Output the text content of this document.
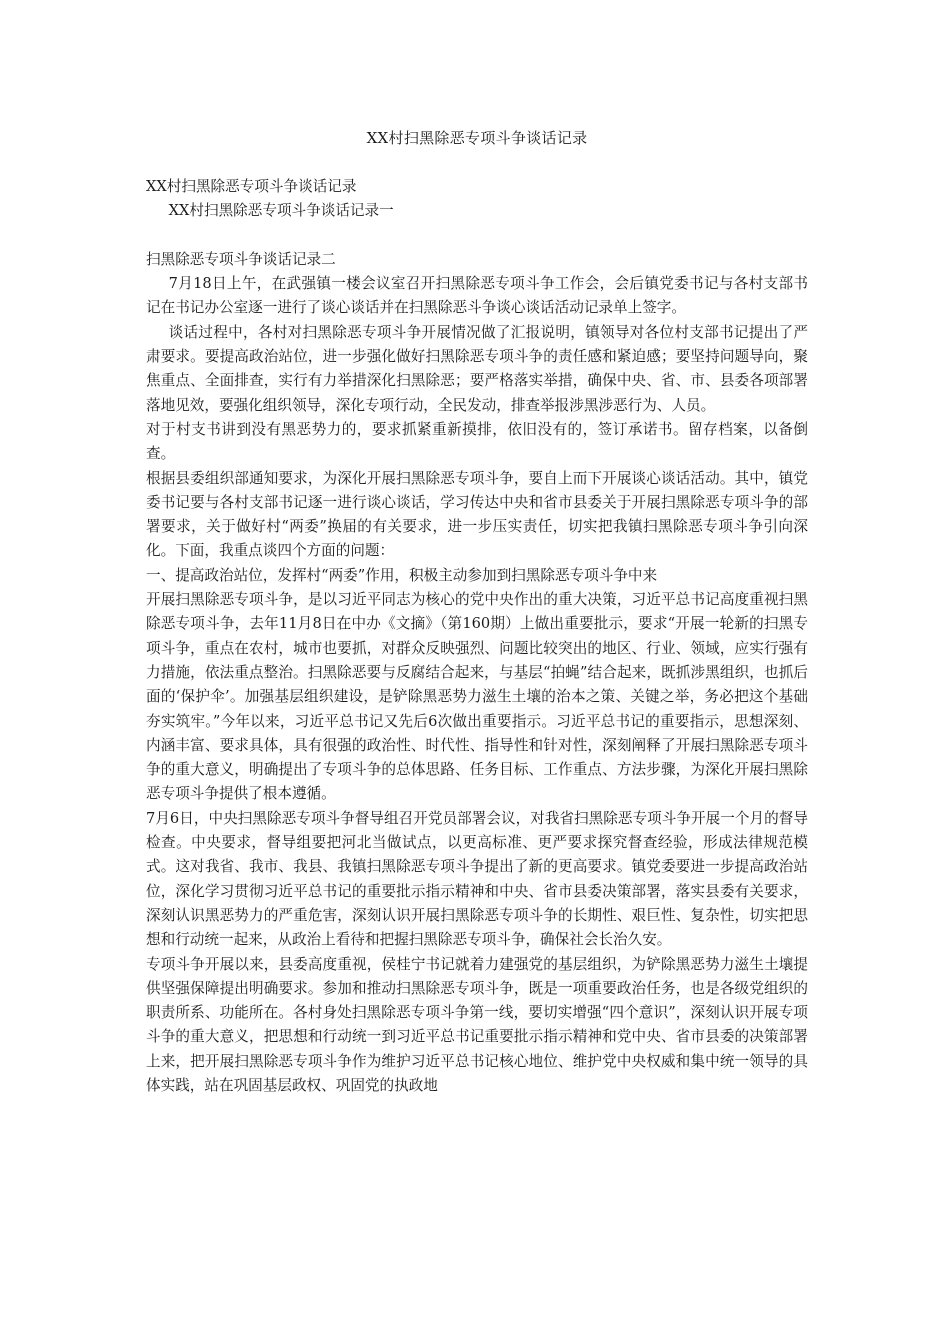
XX村扫黑除恶专项斗争谈话记录

XX村扫黑除恶专项斗争谈话记录

XX村扫黑除恶专项斗争谈话记录一

扫黑除恶专项斗争谈话记录二

7月18日上午，在武强镇一楼会议室召开扫黑除恶专项斗争工作会，会后镇党委书记与各村支部书记在书记办公室逐一进行了谈心谈话并在扫黑除恶斗争谈心谈话活动记录单上签字。

谈话过程中，各村对扫黑除恶专项斗争开展情况做了汇报说明，镇领导对各位村支部书记提出了严肃要求。要提高政治站位，进一步强化做好扫黑除恶专项斗争的责任感和紧迫感；要坚持问题导向，聚焦重点、全面排查，实行有力举措深化扫黑除恶；要严格落实举措，确保中央、省、市、县委各项部署落地见效，要强化组织领导，深化专项行动，全民发动，排查举报涉黑涉恶行为、人员。

对于村支书讲到没有黑恶势力的，要求抓紧重新摸排，依旧没有的，签订承诺书。留存档案，以备倒查。

根据县委组织部通知要求，为深化开展扫黑除恶专项斗争，要自上而下开展谈心谈话活动。其中，镇党委书记要与各村支部书记逐一进行谈心谈话，学习传达中央和省市县委关于开展扫黑除恶专项斗争的部署要求，关于做好村“两委”换届的有关要求，进一步压实责任，切实把我镇扫黑除恶专项斗争引向深化。下面，我重点谈四个方面的问题：

一、提高政治站位，发挥村“两委”作用，积极主动参加到扫黑除恶专项斗争中来

开展扫黑除恶专项斗争，是以习近平同志为核心的党中央作出的重大决策，习近平总书记高度重视扫黑除恶专项斗争，去年11月8日在中办《文摘》（第160期）上做出重要批示，要求“开展一轮新的扫黑专项斗争，重点在农村，城市也要抓，对群众反映强烈、问题比较突出的地区、行业、领域，应实行强有力措施，依法重点整治。扫黑除恶要与反腐结合起来，与基层“拍蝇”结合起来，既抓涉黑组织，也抓后面的‘保护伞’。加强基层组织建设，是铲除黑恶势力滋生土壤的治本之策、关键之举，务必把这个基础夯实筑牢。”今年以来，习近平总书记又先后6次做出重要指示。习近平总书记的重要指示，思想深刻、内涵丰富、要求具体，具有很强的政治性、时代性、指导性和针对性，深刻阐释了开展扫黑除恶专项斗争的重大意义，明确提出了专项斗争的总体思路、任务目标、工作重点、方法步骤，为深化开展扫黑除恶专项斗争提供了根本遵循。

7月6日，中央扫黑除恶专项斗争督导组召开党员部署会议，对我省扫黑除恶专项斗争开展一个月的督导检查。中央要求，督导组要把河北当做试点，以更高标准、更严要求探究督查经验，形成法律规范模式。这对我省、我市、我县、我镇扫黑除恶专项斗争提出了新的更高要求。镇党委要进一步提高政治站位，深化学习贯彻习近平总书记的重要批示指示精神和中央、省市县委决策部署，落实县委有关要求，深刻认识黑恶势力的严重危害，深刻认识开展扫黑除恶专项斗争的长期性、艰巨性、复杂性，切实把思想和行动统一起来，从政治上看待和把握扫黑除恶专项斗争，确保社会长治久安。

专项斗争开展以来，县委高度重视，侯桂宁书记就着力建强党的基层组织，为铲除黑恶势力滋生土壤提供坚强保障提出明确要求。参加和推动扫黑除恶专项斗争，既是一项重要政治任务，也是各级党组织的职责所系、功能所在。各村身处扫黑除恶专项斗争第一线，要切实增强“四个意识”，深刻认识开展专项斗争的重大意义，把思想和行动统一到习近平总书记重要批示指示精神和党中央、省市县委的决策部署上来，把开展扫黑除恶专项斗争作为维护习近平总书记核心地位、维护党中央权威和集中统一领导的具体实践，站在巩固基层政权、巩固党的执政地
